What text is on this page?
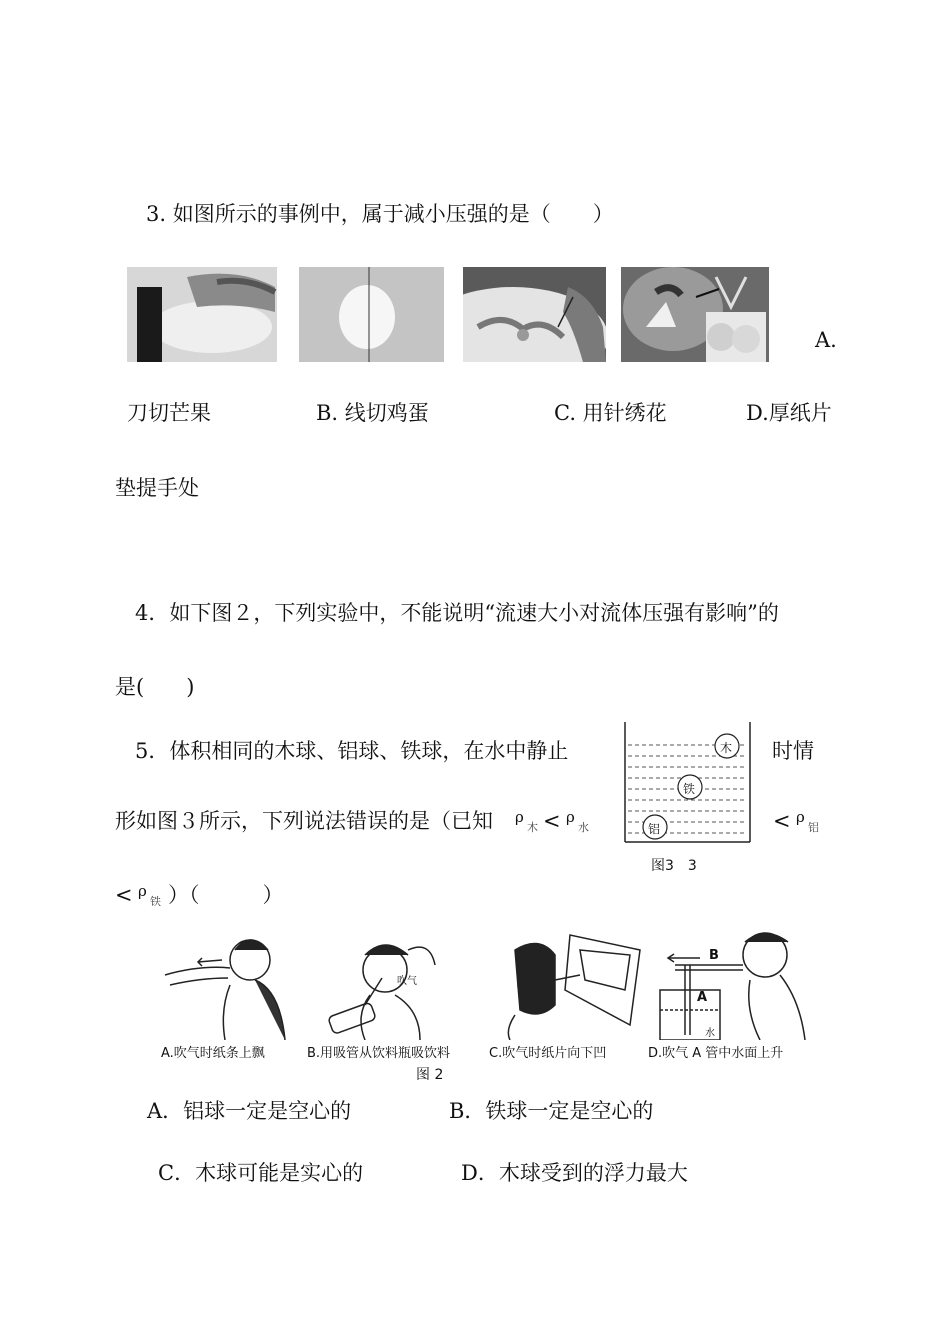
3. 如图所示的事例中，属于减小压强的是（　　）
A.
刀切芒果	B. 线切鸡蛋	C. 用针绣花	D.厚纸片
垫提手处
4．如下图２，下列实验中，不能说明“流速大小对流体压强有影响”的
是(　　)
5．体积相同的木球、铝球、铁球，在水中静止	时情
形如图３所示，下列说法错误的是（已知 ρ
木 < ρ
水	< ρ
铝
< ρ
铁 ）（　　　）
木
铁
铝
图3　3
吹气
B
A
水
A.吹气时纸条上飘	B.用吸管从饮料瓶吸饮料	C.吹气时纸片向下凹	D.吹气 A 管中水面上升
图 2
A．铝球一定是空心的	B．铁球一定是空心的
C．木球可能是实心的	D．木球受到的浮力最大
